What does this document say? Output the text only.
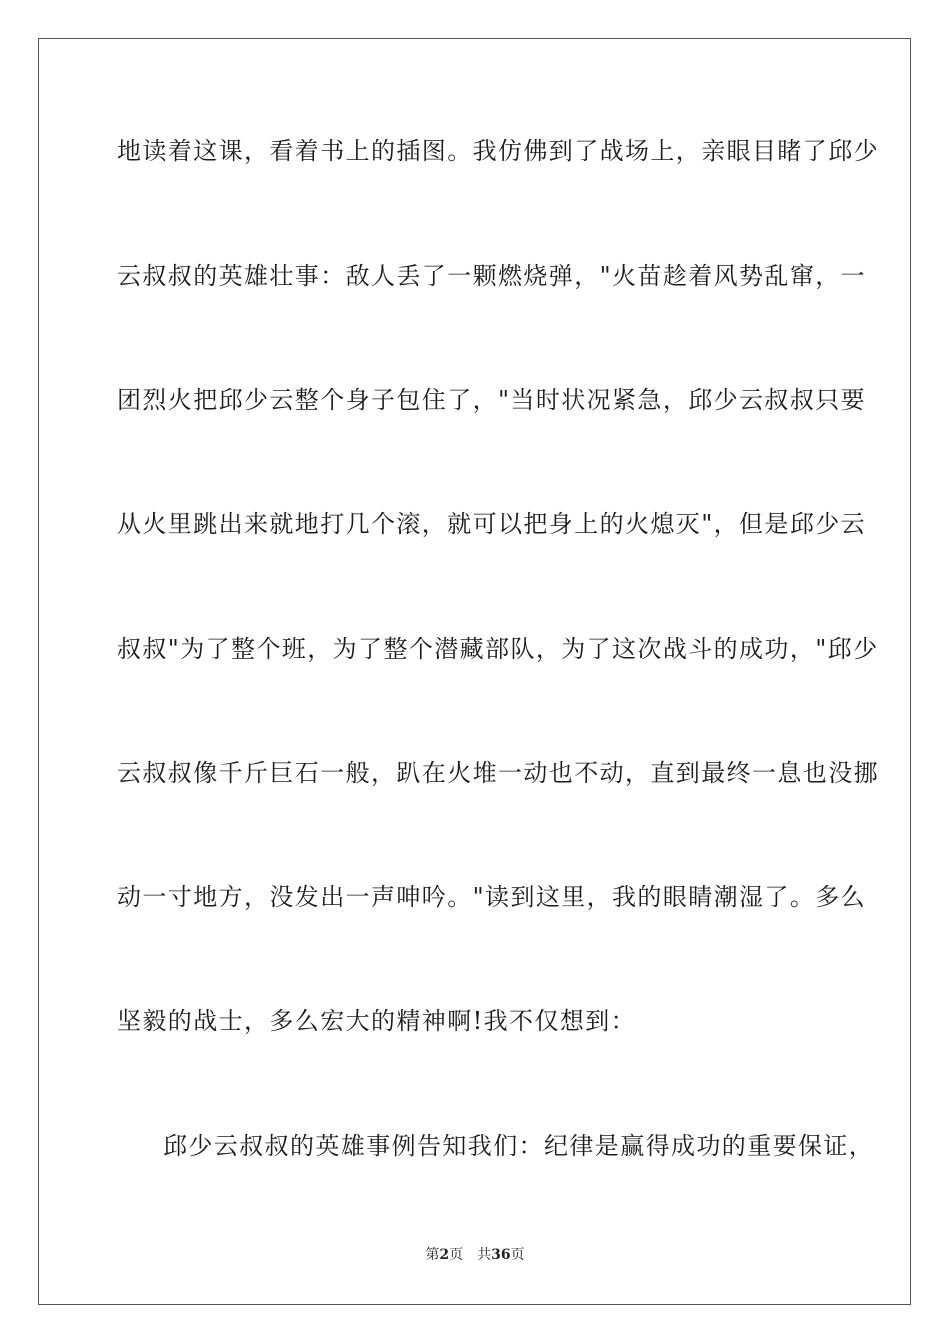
地读着这课，看着书上的插图。我仿佛到了战场上，亲眼目睹了邱少
云叔叔的英雄壮事：敌人丢了一颗燃烧弹，"火苗趁着风势乱窜，一
团烈火把邱少云整个身子包住了，"当时状况紧急，邱少云叔叔只要
从火里跳出来就地打几个滚，就可以把身上的火熄灭"，但是邱少云
叔叔"为了整个班，为了整个潜藏部队，为了这次战斗的成功，"邱少
云叔叔像千斤巨石一般，趴在火堆一动也不动，直到最终一息也没挪
动一寸地方，没发出一声呻吟。"读到这里，我的眼睛潮湿了。多么
坚毅的战士，多么宏大的精神啊!我不仅想到：
邱少云叔叔的英雄事例告知我们：纪律是赢得成功的重要保证，
第2页 共36页
